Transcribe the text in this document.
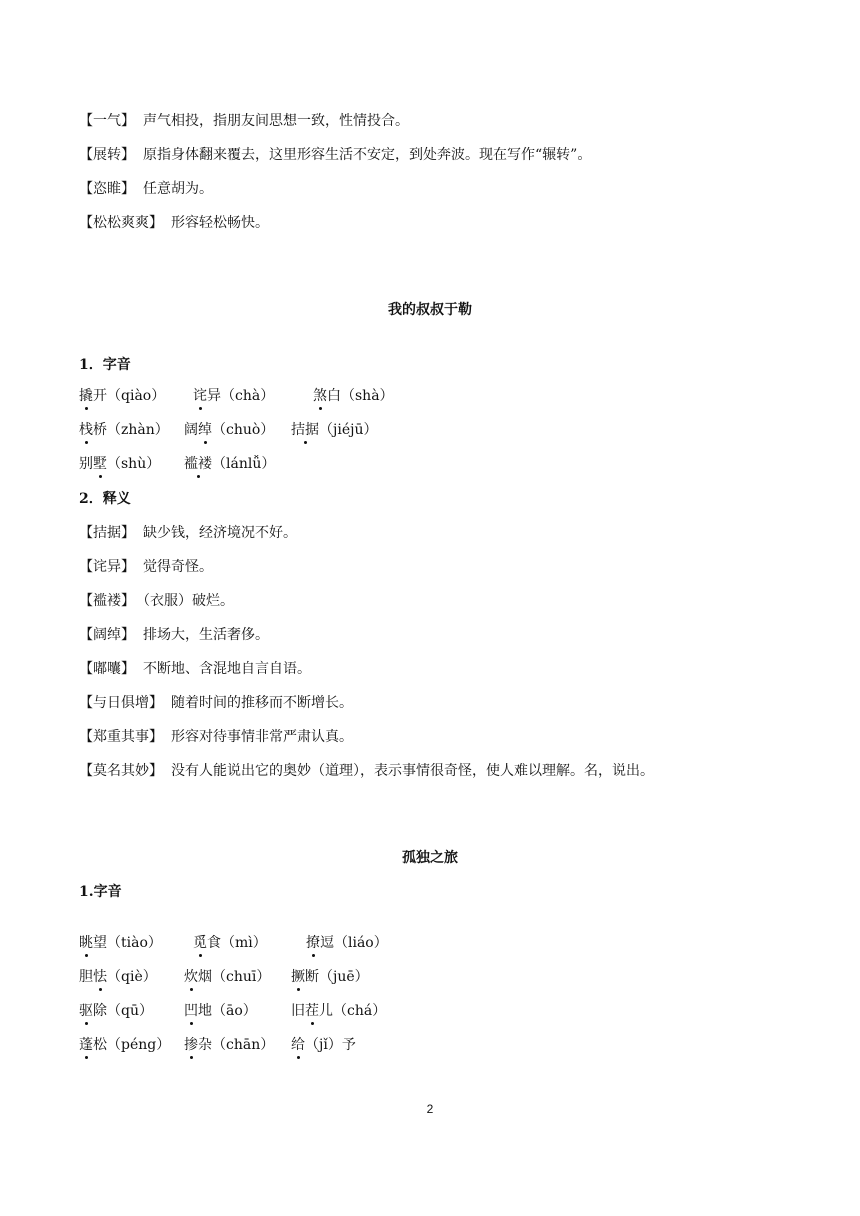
【一气】 声气相投，指朋友间思想一致，性情投合。
【展转】 原指身体翻来覆去，这里形容生活不安定，到处奔波。现在写作“辗转”。
【恣睢】 任意胡为。
【松松爽爽】 形容轻松畅快。
我的叔叔于勒
1．字音
撬开（qiào） 诧异（chà）	煞白（shà）
栈桥（zhàn） 阔绰（chuò） 拮据（jiéjū）
别墅（shù） 褴褛（lánlǚ）
2．释义
【拮据】 缺少钱，经济境况不好。
【诧异】 觉得奇怪。
【褴褛】 （衣服）破烂。
【阔绰】 排场大，生活奢侈。
【嘟囔】 不断地、含混地自言自语。
【与日俱增】 随着时间的推移而不断增长。
【郑重其事】 形容对待事情非常严肃认真。
【莫名其妙】 没有人能说出它的奥妙（道理），表示事情很奇怪，使人难以理解。名，说出。
孤独之旅
1.字音
眺望（tiào） 觅食（mì）	撩逗（liáo）
胆怯（qiè） 炊烟（chuī） 撅断（juē）
驱除（qū） 凹地（āo） 旧茬儿（chá）
蓬松（péng） 掺杂（chān） 给（jǐ）予
2
